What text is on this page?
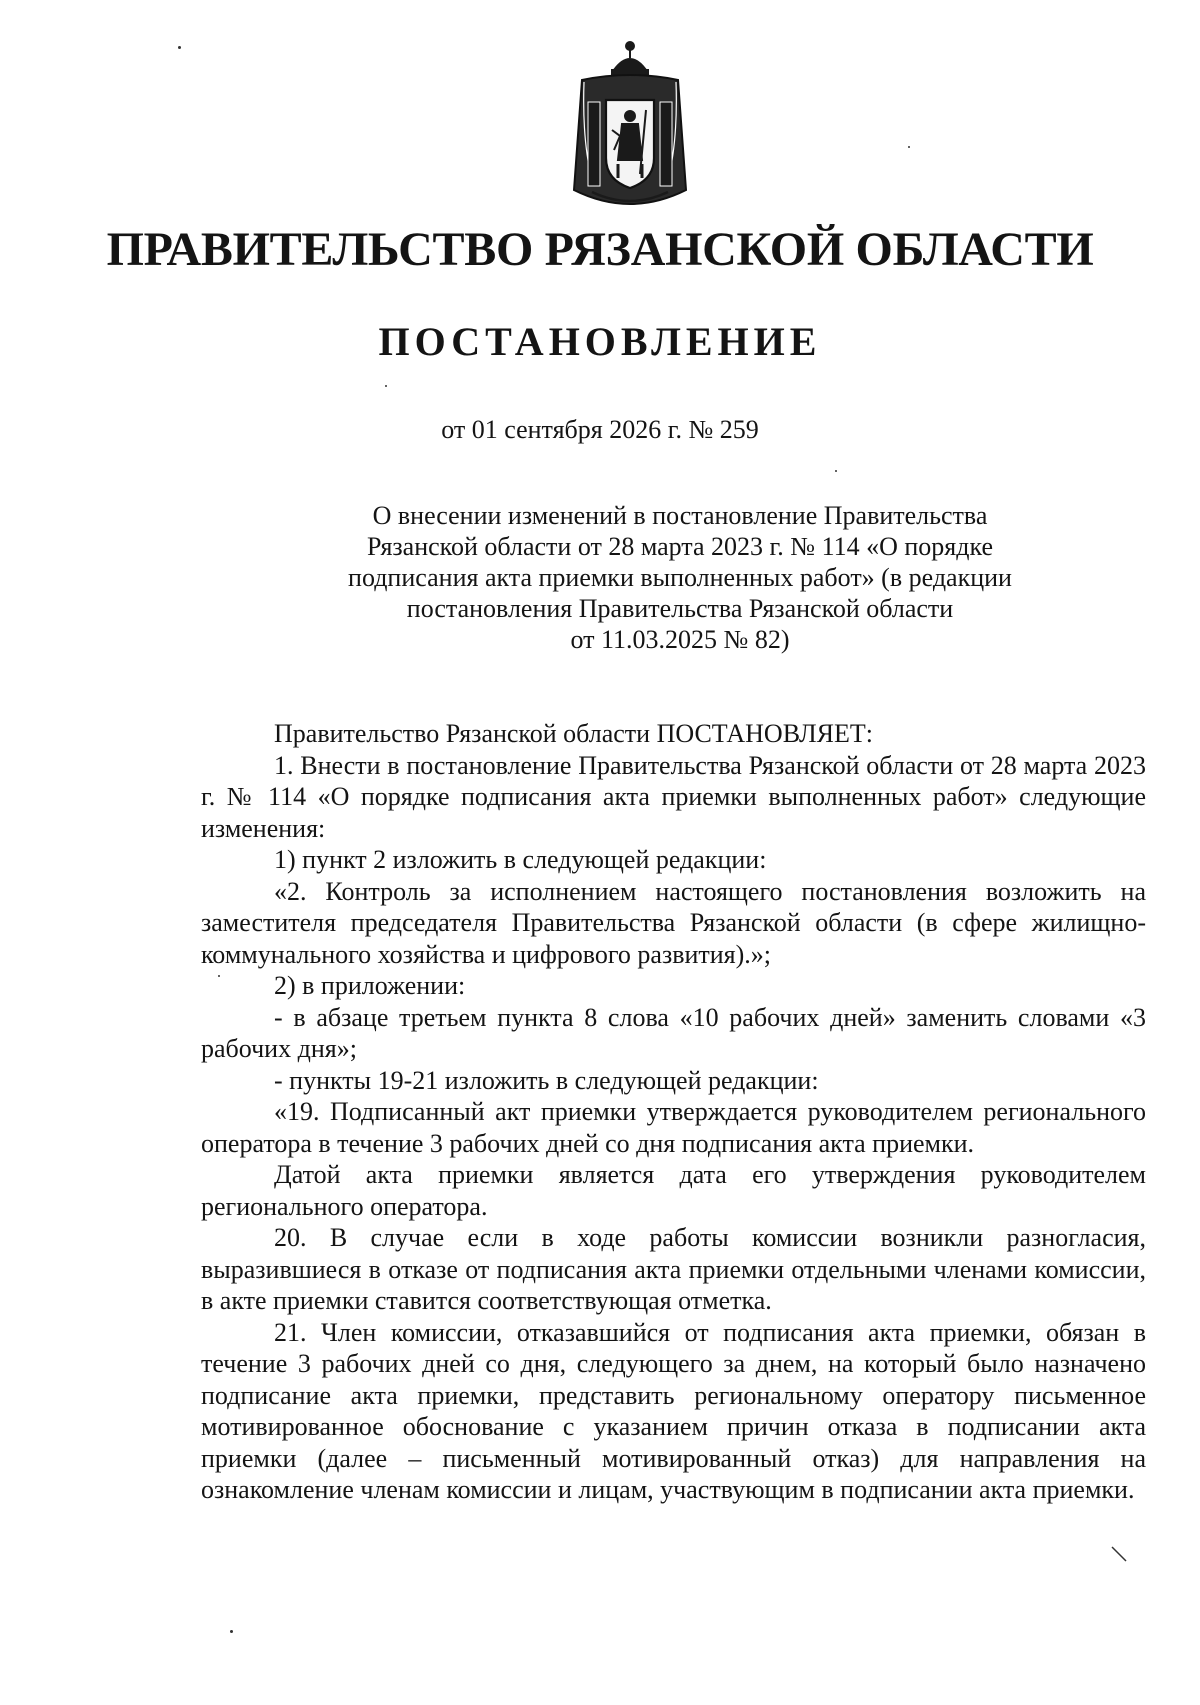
ПРАВИТЕЛЬСТВО РЯЗАНСКОЙ ОБЛАСТИ
ПОСТАНОВЛЕНИЕ
от 01 сентября 2026 г. № 259
О внесении изменений в постановление Правительства
Рязанской области от 28 марта 2023 г. № 114 «О порядке
подписания акта приемки выполненных работ» (в редакции
постановления Правительства Рязанской области
от 11.03.2025 № 82)

Правительство Рязанской области ПОСТАНОВЛЯЕТ:

1. Внести в постановление Правительства Рязанской области от 28 марта 2023 г. № 114 «О порядке подписания акта приемки выполненных работ» следующие изменения:

1) пункт 2 изложить в следующей редакции:

«2. Контроль за исполнением настоящего постановления возложить на заместителя председателя Правительства Рязанской области (в сфере жилищно-коммунального хозяйства и цифрового развития).»;

2) в приложении:

- в абзаце третьем пункта 8 слова «10 рабочих дней» заменить словами «3 рабочих дня»;

- пункты 19-21 изложить в следующей редакции:

«19. Подписанный акт приемки утверждается руководителем регионального оператора в течение 3 рабочих дней со дня подписания акта приемки.

Датой акта приемки является дата его утверждения руководителем регионального оператора.

20. В случае если в ходе работы комиссии возникли разногласия, выразившиеся в отказе от подписания акта приемки отдельными членами комиссии, в акте приемки ставится соответствующая отметка.

21. Член комиссии, отказавшийся от подписания акта приемки, обязан в течение 3 рабочих дней со дня, следующего за днем, на который было назначено подписание акта приемки, представить региональному оператору письменное мотивированное обоснование с указанием причин отказа в подписании акта приемки (далее – письменный мотивированный отказ) для направления на ознакомление членам комиссии и лицам, участвующим в подписании акта приемки.
